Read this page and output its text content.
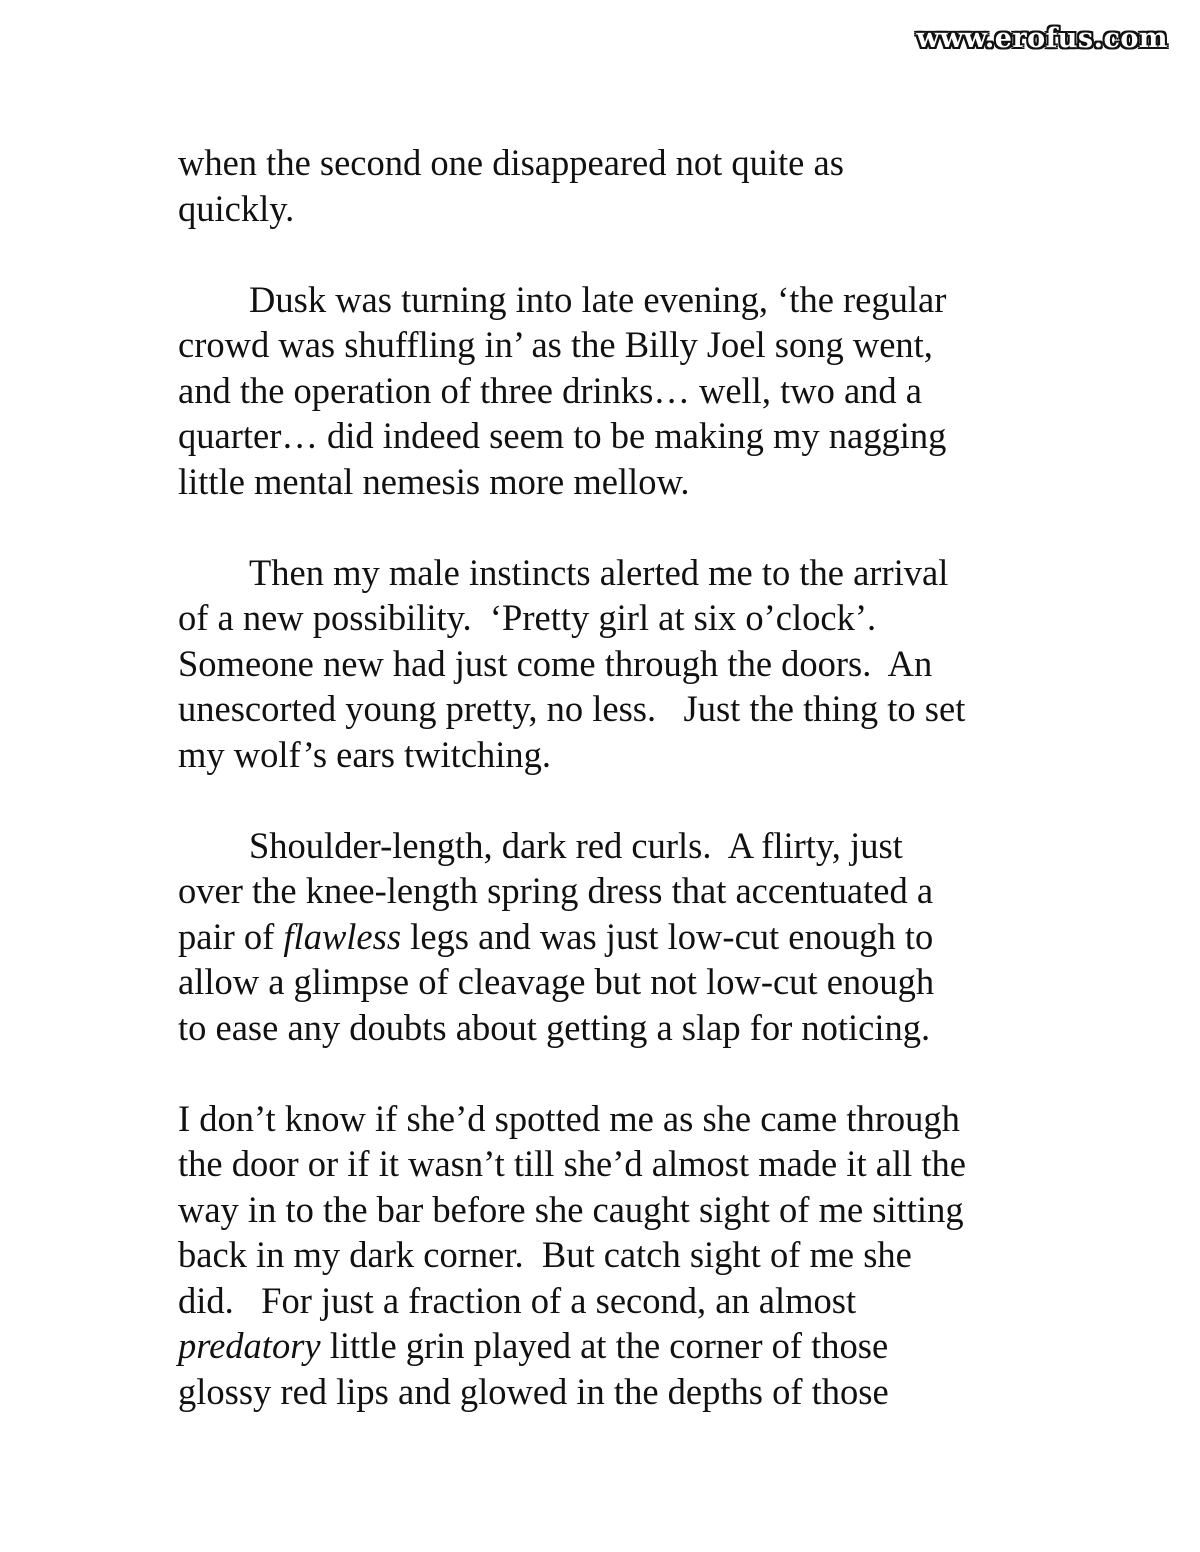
www.erofus.com
when the second one disappeared not quite as
quickly.
Dusk was turning into late evening, ‘the regular
crowd was shuffling in’ as the Billy Joel song went,
and the operation of three drinks… well, two and a
quarter… did indeed seem to be making my nagging
little mental nemesis more mellow.
Then my male instincts alerted me to the arrival
of a new possibility.  ‘Pretty girl at six o’clock’.
Someone new had just come through the doors.  An
unescorted young pretty, no less.   Just the thing to set
my wolf’s ears twitching.
Shoulder-length, dark red curls.  A flirty, just
over the knee-length spring dress that accentuated a
pair of flawless legs and was just low-cut enough to
allow a glimpse of cleavage but not low-cut enough
to ease any doubts about getting a slap for noticing.
I don’t know if she’d spotted me as she came through
the door or if it wasn’t till she’d almost made it all the
way in to the bar before she caught sight of me sitting
back in my dark corner.  But catch sight of me she
did.   For just a fraction of a second, an almost
predatory little grin played at the corner of those
glossy red lips and glowed in the depths of those
